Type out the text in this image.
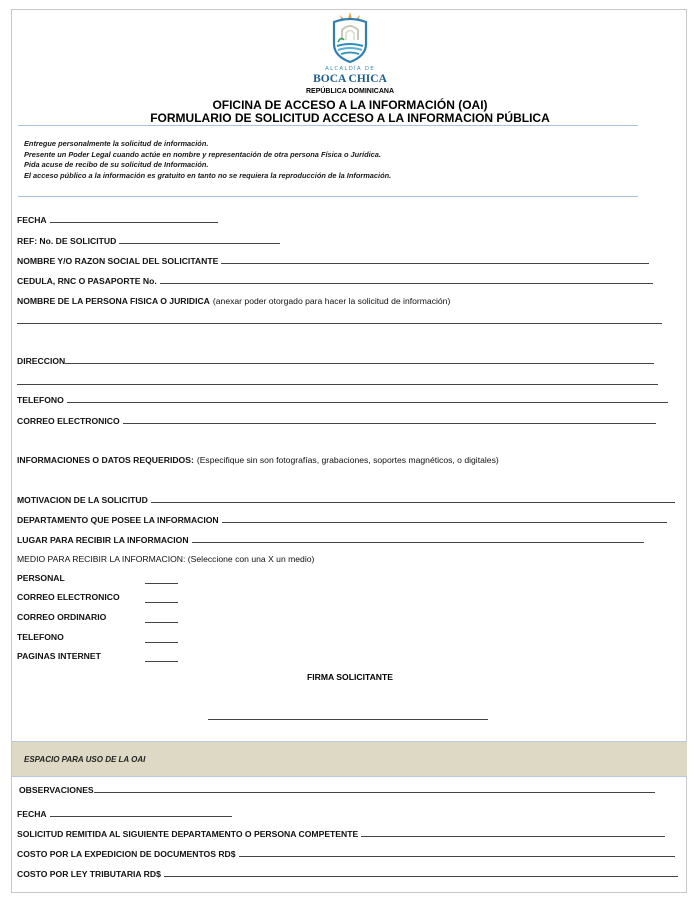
ALCALDÍA DE
BOCA CHICA
REPÚBLICA DOMINICANA
OFICINA DE ACCESO A LA INFORMACIÓN (OAI)
FORMULARIO DE SOLICITUD ACCESO A LA INFORMACION PÚBLICA
Entregue personalmente la solicitud de información.
Presente un Poder Legal cuando actúe en nombre y representación de otra persona Física o Jurídica.
Pida acuse de recibo de su solicitud de Información.
El acceso público a la información es gratuito en tanto no se requiera la reproducción de la Información.
FECHA
REF: No. DE SOLICITUD
NOMBRE Y/O RAZON SOCIAL DEL SOLICITANTE
CEDULA, RNC O PASAPORTE No.
NOMBRE DE LA PERSONA FISICA O JURIDICA (anexar poder otorgado para hacer la solicitud de información)
DIRECCION
TELEFONO
CORREO ELECTRONICO
INFORMACIONES O DATOS REQUERIDOS: (Especifique sin son fotografías, grabaciones, soportes magnéticos, o digitales)
MOTIVACION DE LA SOLICITUD
DEPARTAMENTO QUE POSEE LA INFORMACION
LUGAR PARA RECIBIR LA INFORMACION
MEDIO PARA RECIBIR LA INFORMACION: (Seleccione con una X un medio)
PERSONAL
CORREO ELECTRONICO
CORREO ORDINARIO
TELEFONO
PAGINAS INTERNET
FIRMA SOLICITANTE
ESPACIO PARA USO DE LA OAI
OBSERVACIONES
FECHA
SOLICITUD REMITIDA AL SIGUIENTE DEPARTAMENTO O PERSONA COMPETENTE
COSTO POR LA EXPEDICION DE DOCUMENTOS RD$
COSTO POR LEY TRIBUTARIA RD$
